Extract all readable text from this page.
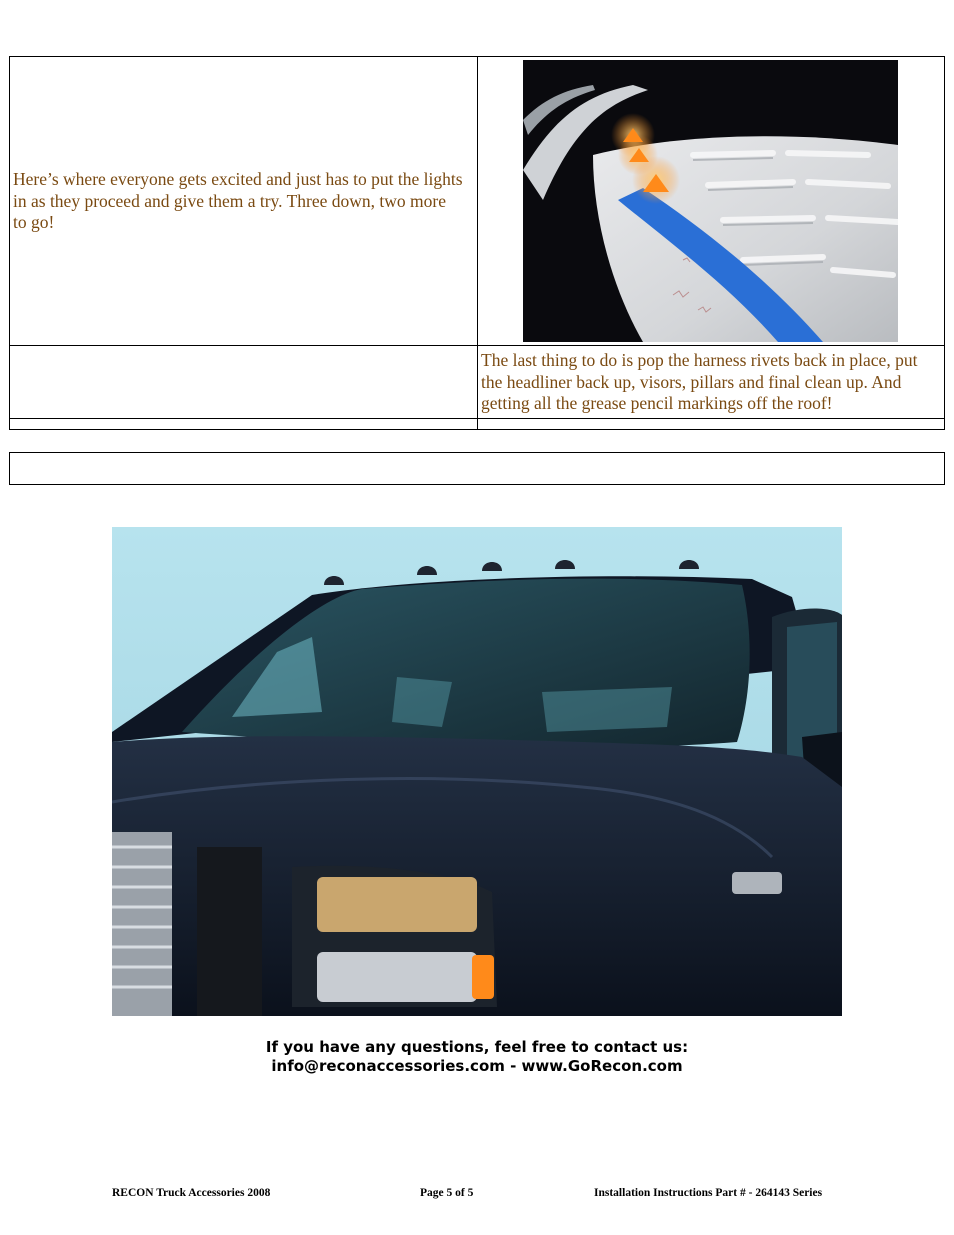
Here’s where everyone gets excited and just has to put the lights in as they proceed and give them a try. Three down, two more to go!
The last thing to do is pop the harness rivets back in place, put the headliner back up, visors, pillars and final clean up. And getting all the grease pencil markings off the roof!
If you have any questions, feel free to contact us:
info@reconaccessories.com - www.GoRecon.com
RECON Truck Accessories 2008	Page 5 of 5	Installation Instructions Part # - 264143 Series
